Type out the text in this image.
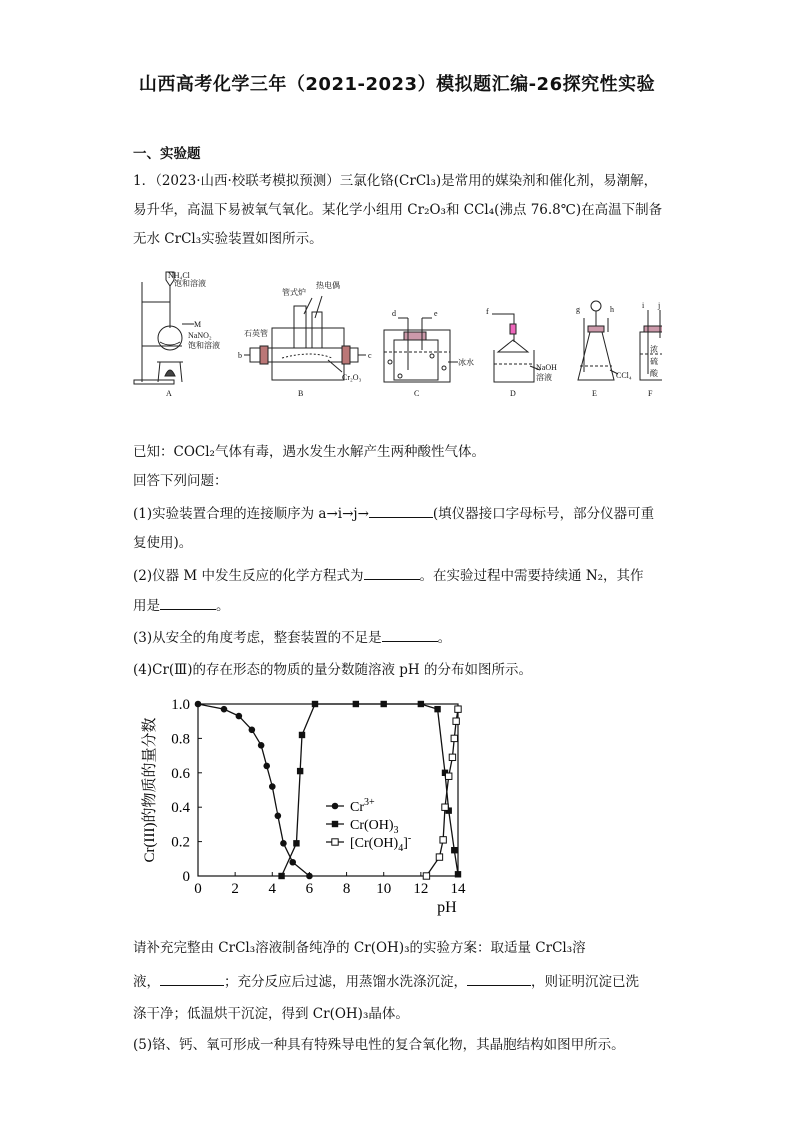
山西高考化学三年（2021-2023）模拟题汇编-26探究性实验
一、实验题
1．（2023·山西·校联考模拟预测）三氯化铬(CrCl₃)是常用的媒染剂和催化剂，易潮解，
易升华，高温下易被氧气氧化。某化学小组用 Cr₂O₃和 CCl₄(沸点 76.8℃)在高温下制备
无水 CrCl₃实验装置如图所示。
NH₄Cl
饱和溶液
M
NaNO₂
饱和溶液
A
管式炉
热电偶
石英管
b	c
Cr₂O₃
B
d	e
冰水
C
f
NaOH
溶液
D
g	h
CCl₄
E
i j
F
浓
硫
酸
已知：COCl₂气体有毒，遇水发生水解产生两种酸性气体。
回答下列问题：
(1)实验装置合理的连接顺序为 a→i→j→	(填仪器接口字母标号，部分仪器可重
复使用)。
(2)仪器 M 中发生反应的化学方程式为	。在实验过程中需要持续通 N₂，其作
用是	。
(3)从安全的角度考虑，整套装置的不足是	。
(4)Cr(Ⅲ)的存在形态的物质的量分数随溶液 pH 的分布如图所示。
0 2 4 6 8 10 12 14
0
0.2
0.4
0.6
0.8
1.0
pH
Cr(III)的物质的量分数	$Cr^{3+}$
$Cr(OH)_3$
$[Cr(OH)_4]^-$
请补充完整由 CrCl₃溶液制备纯净的 Cr(OH)₃的实验方案：取适量 CrCl₃溶
液，	；充分反应后过滤，用蒸馏水洗涤沉淀，	，则证明沉淀已洗
涤干净；低温烘干沉淀，得到 Cr(OH)₃晶体。
(5)铬、钙、氧可形成一种具有特殊导电性的复合氧化物，其晶胞结构如图甲所示。
